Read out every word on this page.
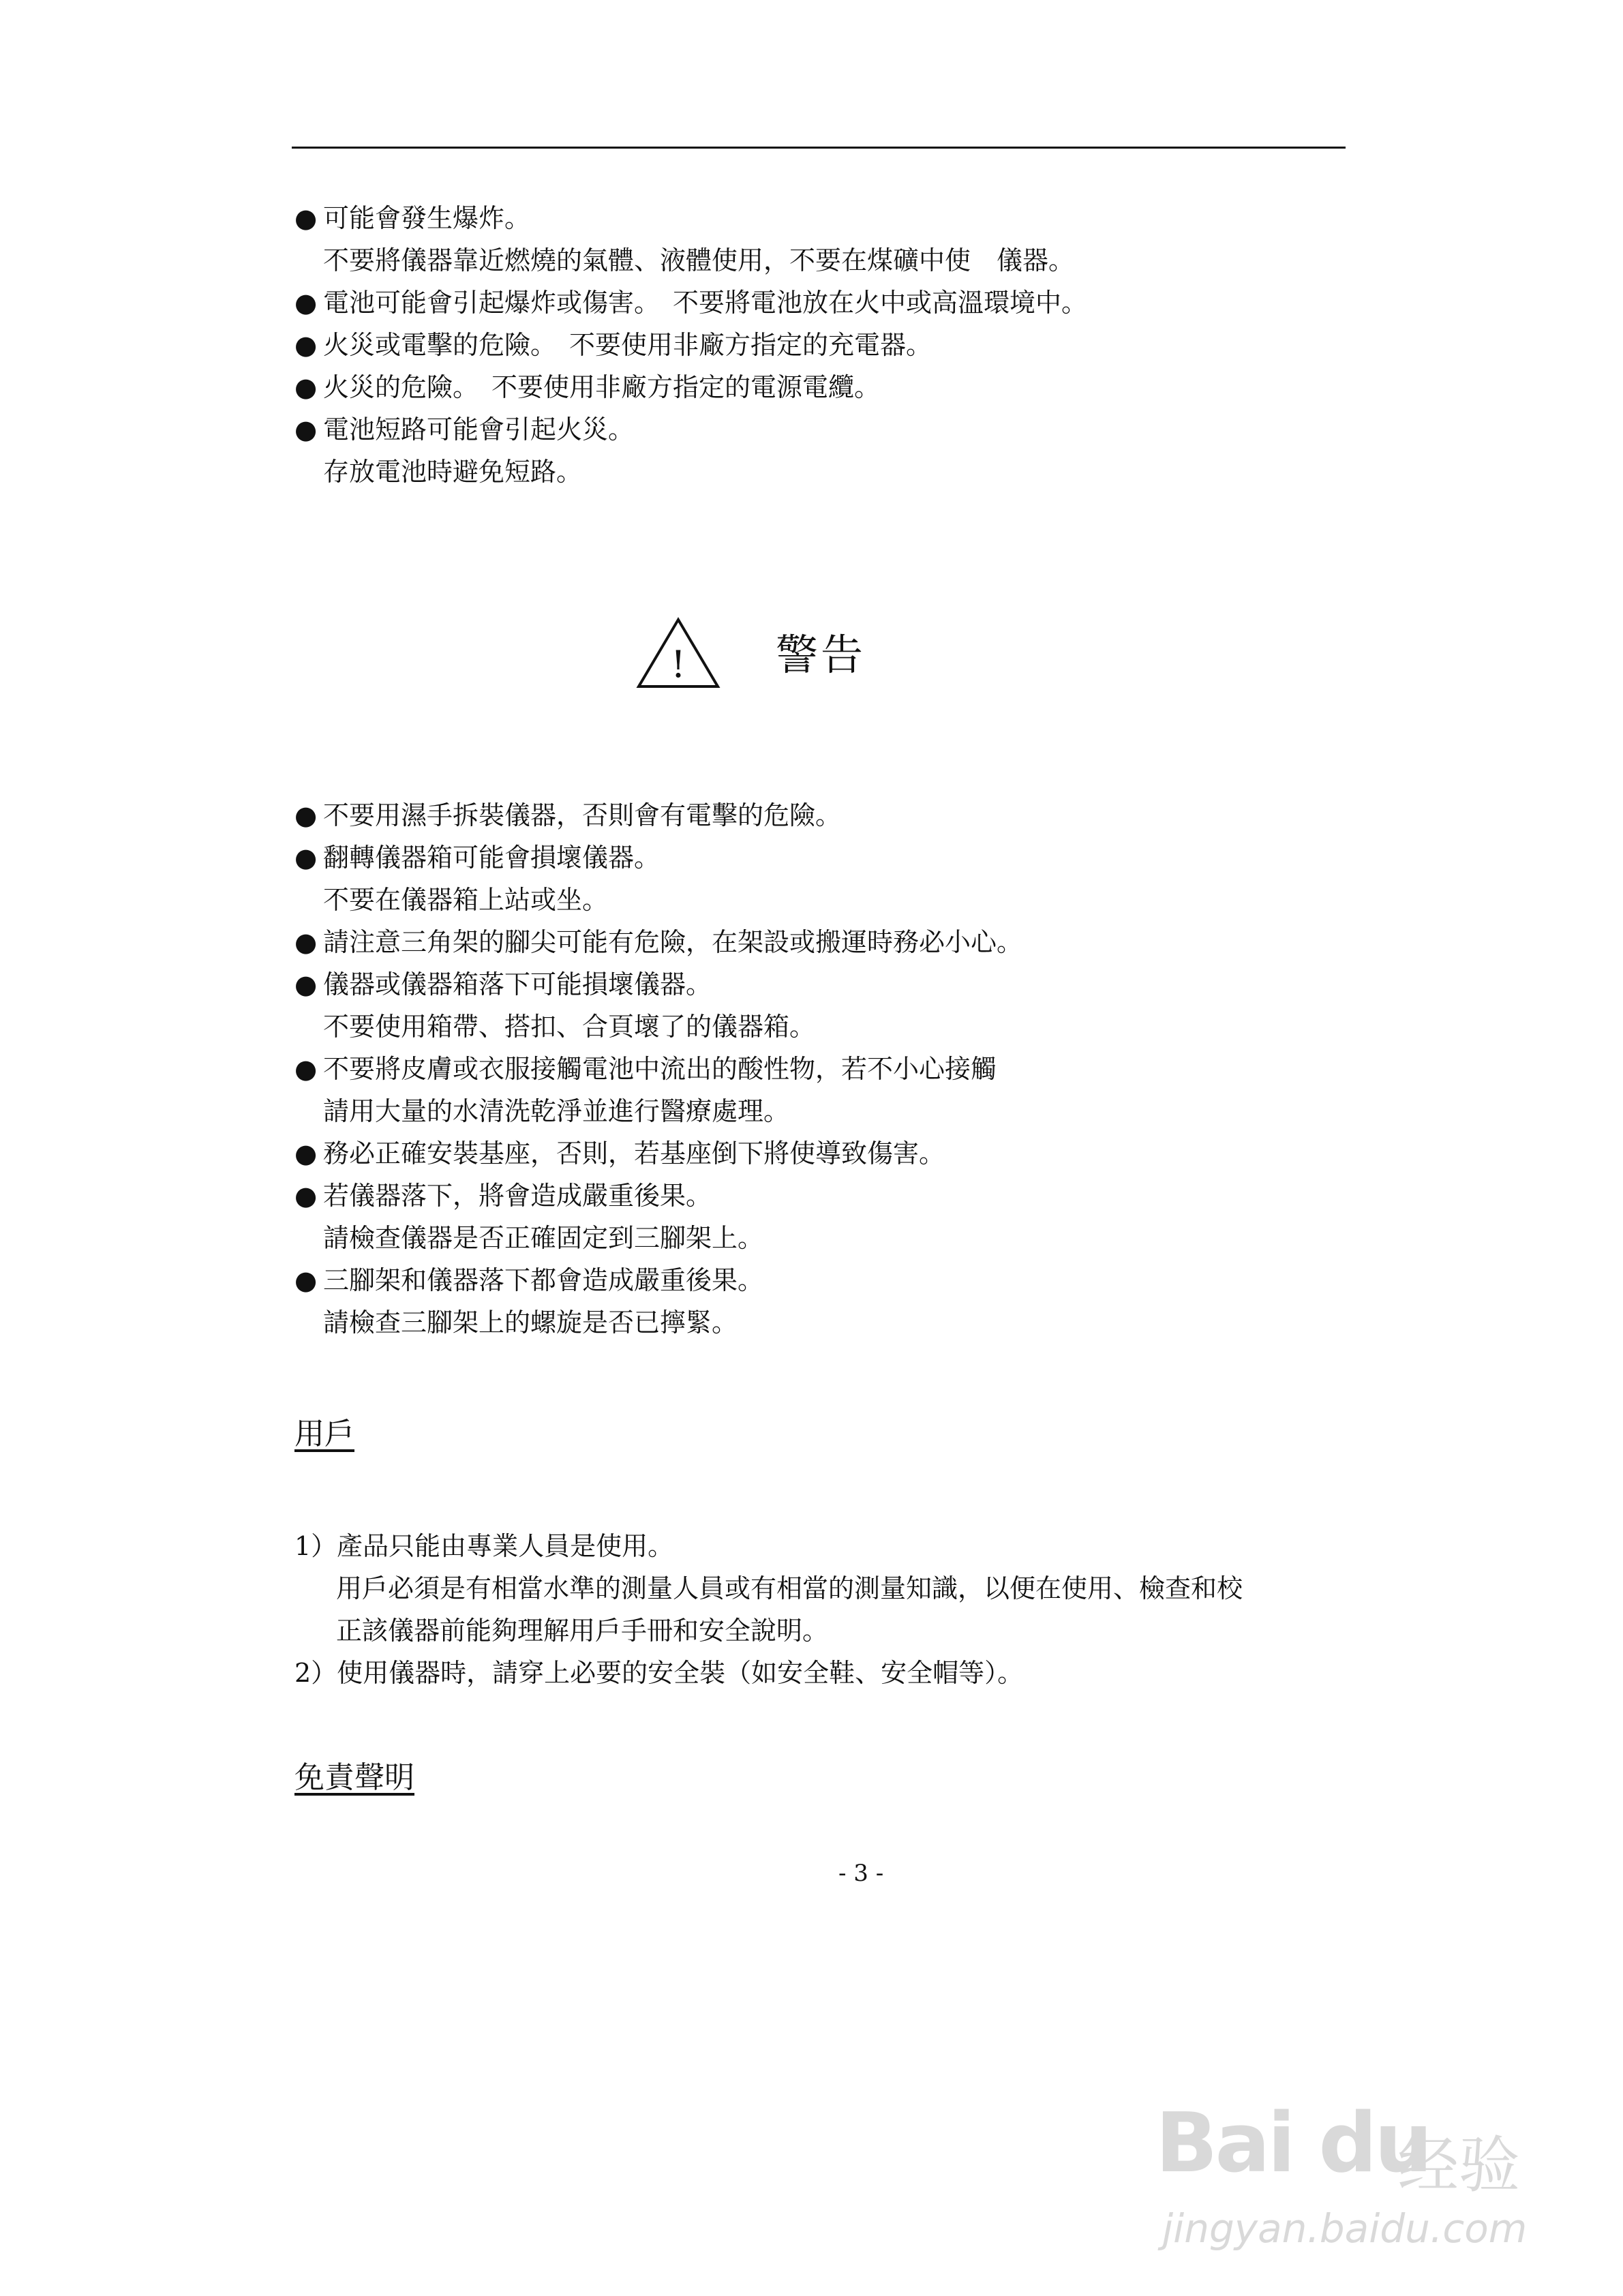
● 可能會發生爆炸。
不要將儀器靠近燃燒的氣體、液體使用，不要在煤礦中使　儀器。
● 電池可能會引起爆炸或傷害。　不要將電池放在火中或高溫環境中。
● 火災或電擊的危險。　不要使用非廠方指定的充電器。
● 火災的危險。　不要使用非廠方指定的電源電纜。
● 電池短路可能會引起火災。
存放電池時避免短路。
! 警告
● 不要用濕手拆裝儀器，否則會有電擊的危險。
● 翻轉儀器箱可能會損壞儀器。
不要在儀器箱上站或坐。
● 請注意三角架的腳尖可能有危險，在架設或搬運時務必小心。
● 儀器或儀器箱落下可能損壞儀器。
不要使用箱帶、搭扣、合頁壞了的儀器箱。
● 不要將皮膚或衣服接觸電池中流出的酸性物，若不小心接觸
請用大量的水清洗乾淨並進行醫療處理。
● 務必正確安裝基座，否則，若基座倒下將使導致傷害。
● 若儀器落下，將會造成嚴重後果。
請檢查儀器是否正確固定到三腳架上。
● 三腳架和儀器落下都會造成嚴重後果。
請檢查三腳架上的螺旋是否已擰緊。
用戶
1）產品只能由專業人員是使用。
　用戶必須是有相當水準的測量人員或有相當的測量知識，以便在使用、檢查和校
　正該儀器前能夠理解用戶手冊和安全說明。
2）使用儀器時，請穿上必要的安全裝（如安全鞋、安全帽等）。
免責聲明
- 3 -
Bai du
经验
jingyan.baidu.com
